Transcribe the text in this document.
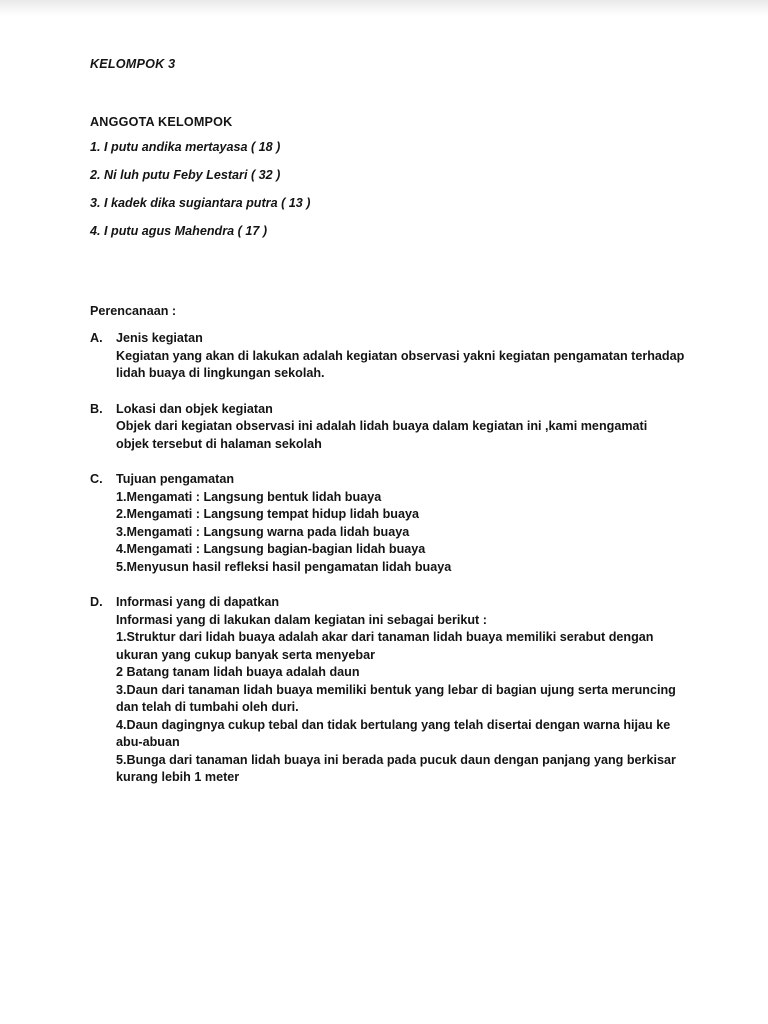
KELOMPOK 3
ANGGOTA KELOMPOK
1. I putu andika mertayasa ( 18 )
2. Ni luh putu Feby Lestari ( 32 )
3. I kadek dika sugiantara putra ( 13 )
4. I putu agus Mahendra ( 17 )
Perencanaan :
A.	Jenis kegiatan
Kegiatan yang akan di lakukan adalah kegiatan observasi yakni kegiatan pengamatan terhadap
lidah buaya di lingkungan sekolah.
B.	Lokasi dan objek kegiatan
Objek dari kegiatan observasi ini adalah lidah buaya dalam kegiatan ini ,kami mengamati
objek tersebut di halaman sekolah
C.	Tujuan pengamatan
1.Mengamati : Langsung bentuk lidah buaya
2.Mengamati : Langsung tempat hidup lidah buaya
3.Mengamati : Langsung warna pada lidah buaya
4.Mengamati : Langsung bagian-bagian lidah buaya
5.Menyusun hasil refleksi hasil pengamatan lidah buaya
D.	Informasi yang di dapatkan
Informasi yang di lakukan dalam kegiatan ini sebagai berikut :
1.Struktur dari lidah buaya adalah akar dari tanaman lidah buaya memiliki serabut dengan
ukuran yang cukup banyak serta menyebar
2 Batang tanam lidah buaya adalah daun
3.Daun dari tanaman lidah buaya memiliki bentuk yang lebar di bagian ujung serta meruncing
dan telah di tumbahi oleh duri.
4.Daun dagingnya cukup tebal dan tidak bertulang yang telah disertai dengan warna hijau ke
abu-abuan
5.Bunga dari tanaman lidah buaya ini berada pada pucuk daun dengan panjang yang berkisar
kurang lebih 1 meter
